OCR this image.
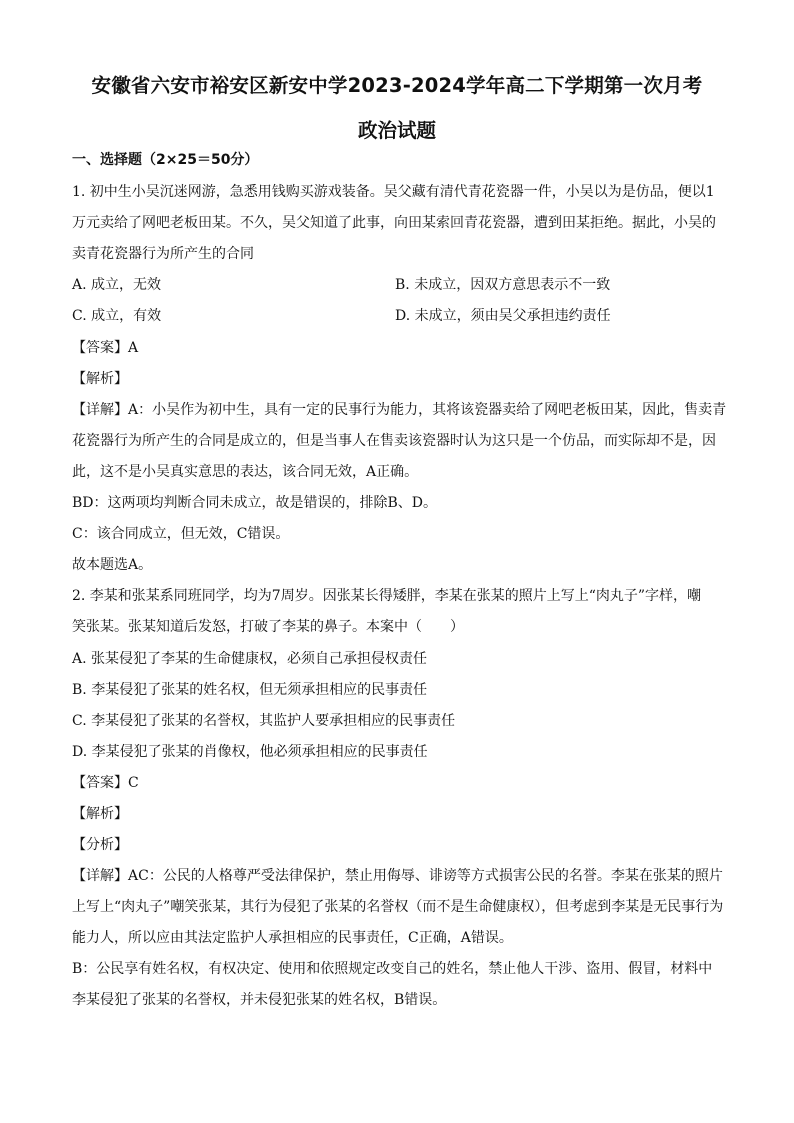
安徽省六安市裕安区新安中学2023-2024学年高二下学期第一次月考
政治试题
一、选择题（2×25＝50分）
1. 初中生小吴沉迷网游，急悉用钱购买游戏装备。吴父藏有清代青花瓷器一件，小吴以为是仿品，便以1
万元卖给了网吧老板田某。不久，吴父知道了此事，向田某索回青花瓷器，遭到田某拒绝。据此，小吴的
卖青花瓷器行为所产生的合同
A. 成立，无效	B. 未成立，因双方意思表示不一致
C. 成立，有效	D. 未成立，须由吴父承担违约责任
【答案】A
【解析】
【详解】A：小吴作为初中生，具有一定的民事行为能力，其将该瓷器卖给了网吧老板田某，因此，售卖青
花瓷器行为所产生的合同是成立的，但是当事人在售卖该瓷器时认为这只是一个仿品，而实际却不是，因
此，这不是小吴真实意思的表达，该合同无效，A正确。
BD：这两项均判断合同未成立，故是错误的，排除B、D。
C：该合同成立，但无效，C错误。
故本题选A。
2. 李某和张某系同班同学，均为7周岁。因张某长得矮胖，李某在张某的照片上写上“肉丸子”字样，嘲
笑张某。张某知道后发怒，打破了李某的鼻子。本案中（　　）
A. 张某侵犯了李某的生命健康权，必须自己承担侵权责任
B. 李某侵犯了张某的姓名权，但无须承担相应的民事责任
C. 李某侵犯了张某的名誉权，其监护人要承担相应的民事责任
D. 李某侵犯了张某的肖像权，他必须承担相应的民事责任
【答案】C
【解析】
【分析】
【详解】AC：公民的人格尊严受法律保护，禁止用侮辱、诽谤等方式损害公民的名誉。李某在张某的照片
上写上“肉丸子”嘲笑张某，其行为侵犯了张某的名誉权（而不是生命健康权），但考虑到李某是无民事行为
能力人，所以应由其法定监护人承担相应的民事责任，C正确，A错误。
B：公民享有姓名权，有权决定、使用和依照规定改变自己的姓名，禁止他人干涉、盗用、假冒，材料中
李某侵犯了张某的名誉权，并未侵犯张某的姓名权，B错误。
